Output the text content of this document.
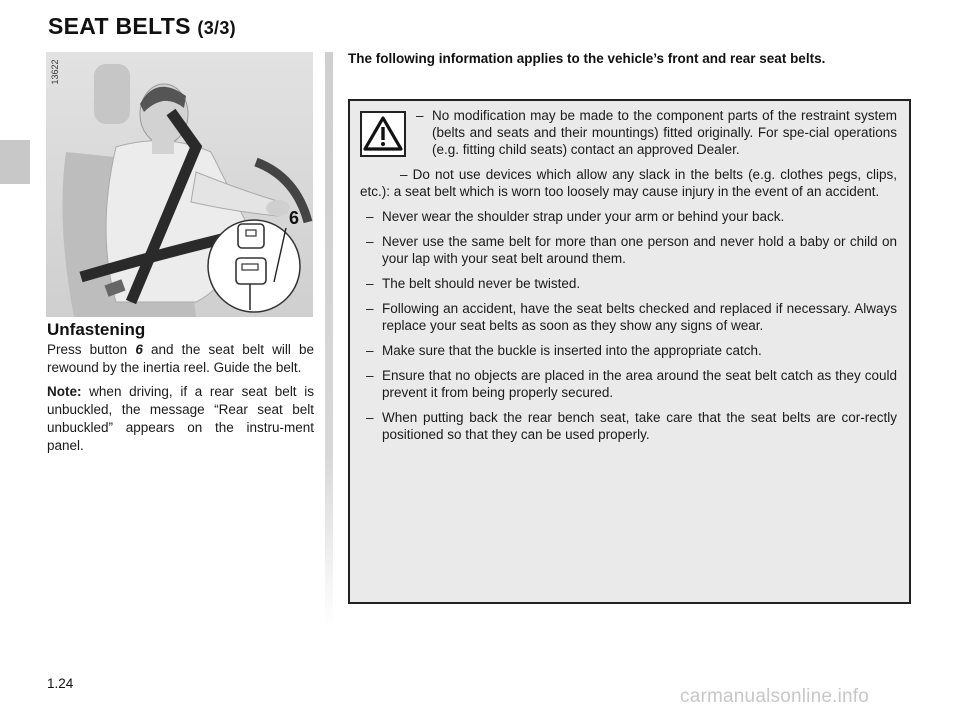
SEAT BELTS (3/3)
6
13622
Unfastening

Press button 6 and the seat belt will be rewound by the inertia reel. Guide the belt.

Note: when driving, if a rear seat belt is unbuckled, the message “Rear seat belt unbuckled” appears on the instru-ment panel.

The following information applies to the vehicle’s front and rear seat belts.

– No modification may be made to the component parts of the restraint system (belts and seats and their mountings) fitted originally. For spe-cial operations (e.g. fitting child seats) contact an approved Dealer.
– Do not use devices which allow any slack in the belts (e.g. clothes pegs, clips, etc.): a seat belt which is worn too loosely may cause injury in the event of an accident.
– Never wear the shoulder strap under your arm or behind your back.
– Never use the same belt for more than one person and never hold a baby or child on your lap with your seat belt around them.
– The belt should never be twisted.
– Following an accident, have the seat belts checked and replaced if necessary. Always replace your seat belts as soon as they show any signs of wear.
– Make sure that the buckle is inserted into the appropriate catch.
– Ensure that no objects are placed in the area around the seat belt catch as they could prevent it from being properly secured.
– When putting back the rear bench seat, take care that the seat belts are cor-rectly positioned so that they can be used properly.

1.24

carmanualsonline.info
